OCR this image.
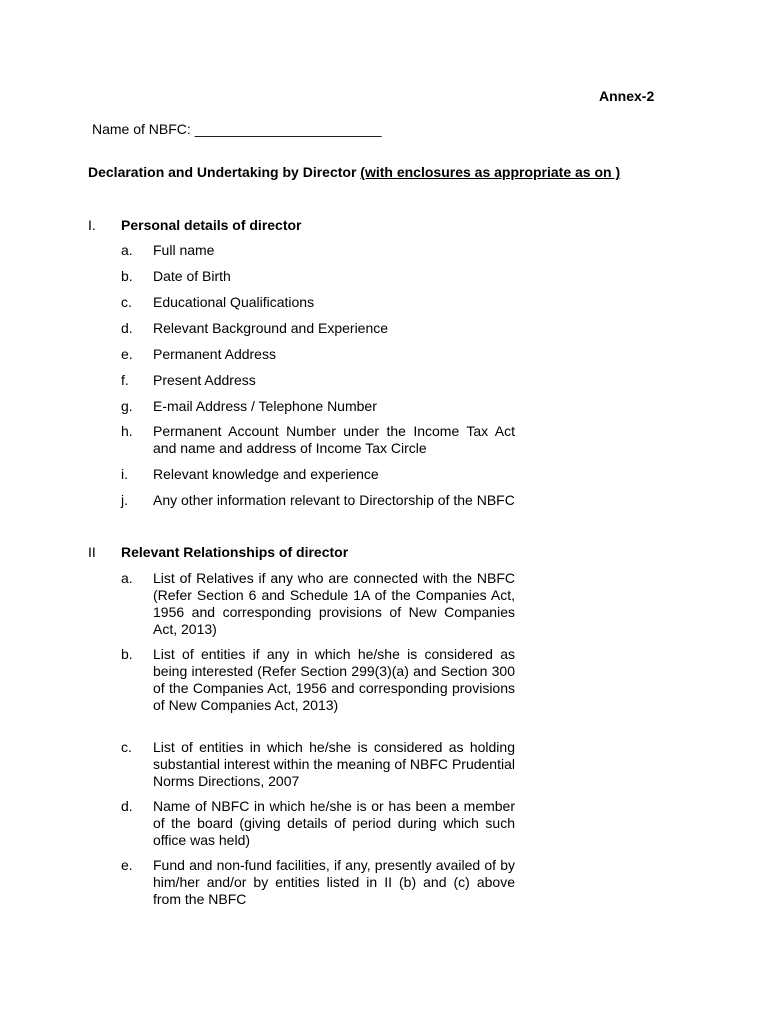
Annex-2
Name of NBFC: ________________________
Declaration and Undertaking by Director (with enclosures as appropriate as on )
I. Personal details of director
a. Full name
b. Date of Birth
c. Educational Qualifications
d. Relevant Background and Experience
e. Permanent Address
f. Present Address
g. E-mail Address / Telephone Number
h. Permanent Account Number under the Income Tax Act and name and address of Income Tax Circle
i. Relevant knowledge and experience
j. Any other information relevant to Directorship of the NBFC
II Relevant Relationships of director
a. List of Relatives if any who are connected with the NBFC (Refer Section 6 and Schedule 1A of the Companies Act, 1956 and corresponding provisions of New Companies Act, 2013)
b. List of entities if any in which he/she is considered as being interested (Refer Section 299(3)(a) and Section 300 of the Companies Act, 1956 and corresponding provisions of New Companies Act, 2013)
c. List of entities in which he/she is considered as holding substantial interest within the meaning of NBFC Prudential Norms Directions, 2007
d. Name of NBFC in which he/she is or has been a member of the board (giving details of period during which such office was held)
e. Fund and non-fund facilities, if any, presently availed of by him/her and/or by entities listed in II (b) and (c) above from the NBFC
